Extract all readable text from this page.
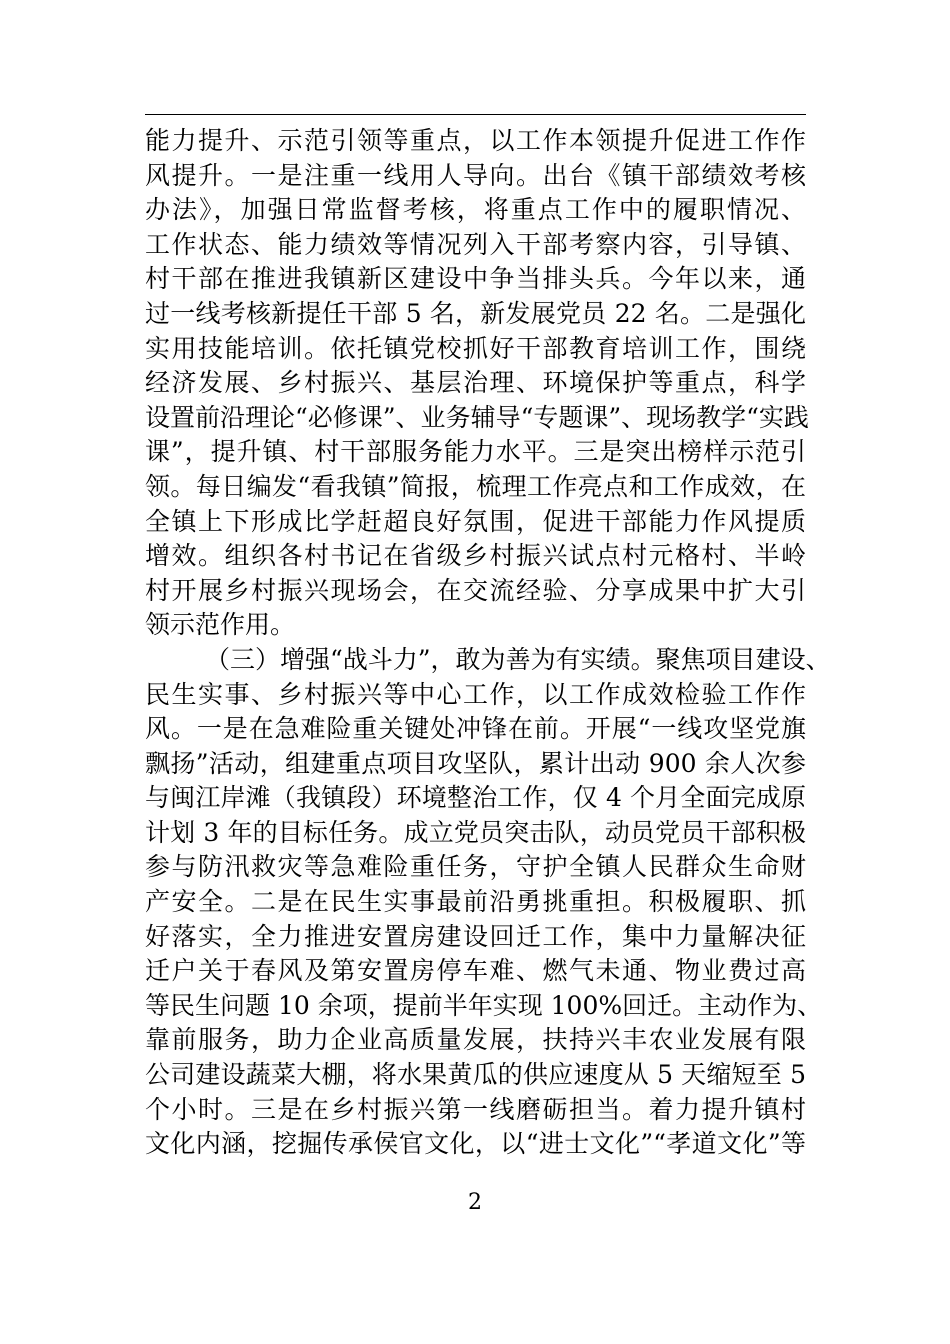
能力提升、示范引领等重点，以工作本领提升促进工作作
风提升。一是注重一线用人导向。出台《镇干部绩效考核
办法》，加强日常监督考核，将重点工作中的履职情况、
工作状态、能力绩效等情况列入干部考察内容，引导镇、
村干部在推进我镇新区建设中争当排头兵。今年以来，通
过一线考核新提任干部 5 名，新发展党员 22 名。二是强化
实用技能培训。依托镇党校抓好干部教育培训工作，围绕
经济发展、乡村振兴、基层治理、环境保护等重点，科学
设置前沿理论“必修课”、业务辅导“专题课”、现场教学“实践
课”，提升镇、村干部服务能力水平。三是突出榜样示范引
领。每日编发“看我镇”简报，梳理工作亮点和工作成效，在
全镇上下形成比学赶超良好氛围，促进干部能力作风提质
增效。组织各村书记在省级乡村振兴试点村元格村、半岭
村开展乡村振兴现场会，在交流经验、分享成果中扩大引
领示范作用。
（三）增强“战斗力”，敢为善为有实绩。聚焦项目建设、
民生实事、乡村振兴等中心工作，以工作成效检验工作作
风。一是在急难险重关键处冲锋在前。开展“一线攻坚党旗
飘扬”活动，组建重点项目攻坚队，累计出动 900 余人次参
与闽江岸滩（我镇段）环境整治工作，仅 4 个月全面完成原
计划 3 年的目标任务。成立党员突击队，动员党员干部积极
参与防汛救灾等急难险重任务，守护全镇人民群众生命财
产安全。二是在民生实事最前沿勇挑重担。积极履职、抓
好落实，全力推进安置房建设回迁工作，集中力量解决征
迁户关于春风及第安置房停车难、燃气未通、物业费过高
等民生问题 10 余项，提前半年实现 100%回迁。主动作为、
靠前服务，助力企业高质量发展，扶持兴丰农业发展有限
公司建设蔬菜大棚，将水果黄瓜的供应速度从 5 天缩短至 5
个小时。三是在乡村振兴第一线磨砺担当。着力提升镇村
文化内涵，挖掘传承侯官文化，以“进士文化”“孝道文化”等
2
